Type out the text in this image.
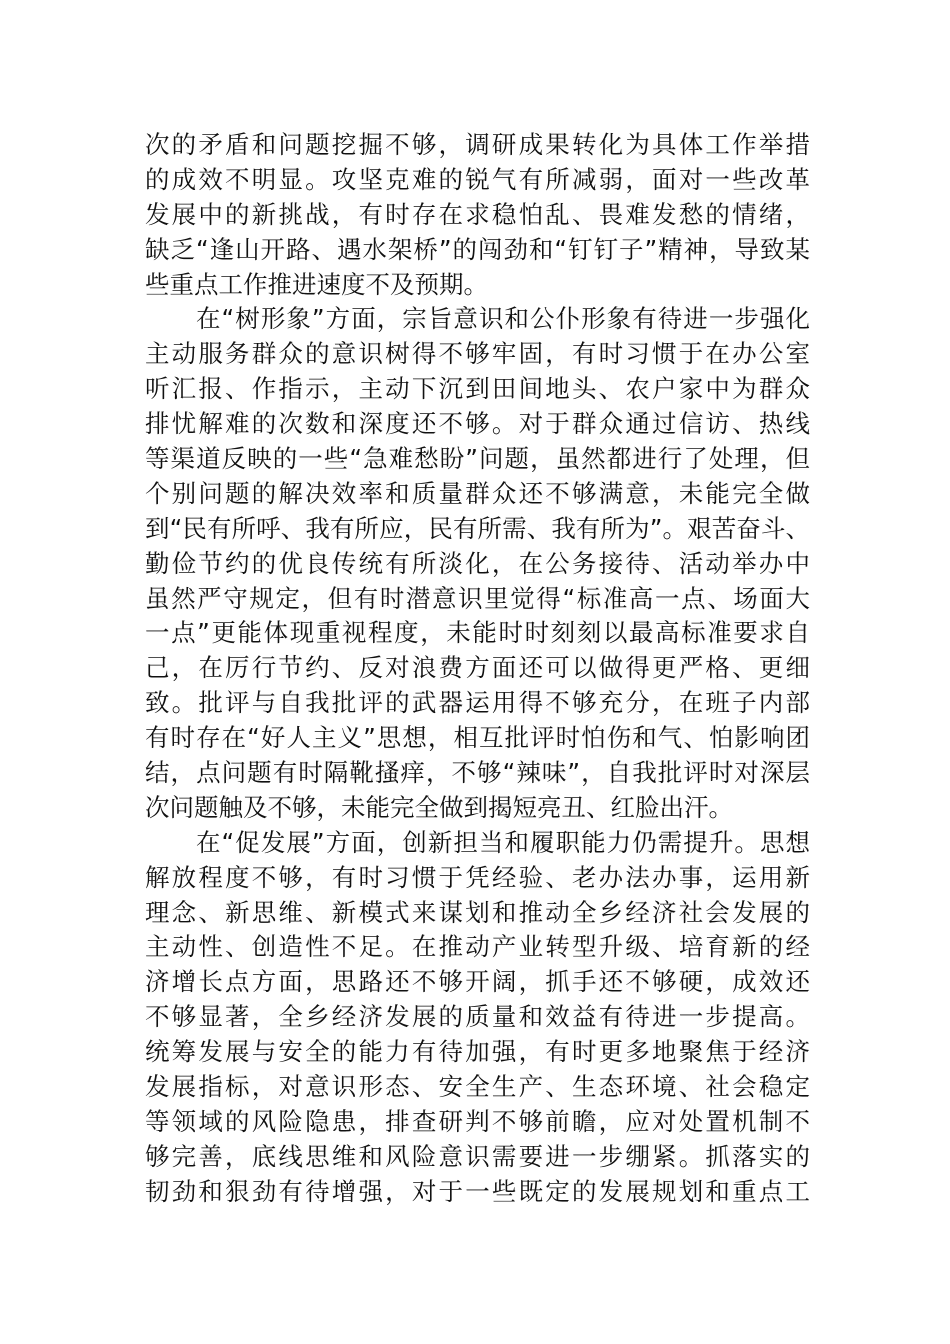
次的矛盾和问题挖掘不够，调研成果转化为具体工作举措
的成效不明显。攻坚克难的锐气有所减弱，面对一些改革
发展中的新挑战，有时存在求稳怕乱、畏难发愁的情绪，
缺乏“逢山开路、遇水架桥”的闯劲和“钉钉子”精神，导致某
些重点工作推进速度不及预期。
在“树形象”方面，宗旨意识和公仆形象有待进一步强化
主动服务群众的意识树得不够牢固，有时习惯于在办公室
听汇报、作指示，主动下沉到田间地头、农户家中为群众
排忧解难的次数和深度还不够。对于群众通过信访、热线
等渠道反映的一些“急难愁盼”问题，虽然都进行了处理，但
个别问题的解决效率和质量群众还不够满意，未能完全做
到“民有所呼、我有所应，民有所需、我有所为”。艰苦奋斗、
勤俭节约的优良传统有所淡化，在公务接待、活动举办中
虽然严守规定，但有时潜意识里觉得“标准高一点、场面大
一点”更能体现重视程度，未能时时刻刻以最高标准要求自
己，在厉行节约、反对浪费方面还可以做得更严格、更细
致。批评与自我批评的武器运用得不够充分，在班子内部
有时存在“好人主义”思想，相互批评时怕伤和气、怕影响团
结，点问题有时隔靴搔痒，不够“辣味”，自我批评时对深层
次问题触及不够，未能完全做到揭短亮丑、红脸出汗。
在“促发展”方面，创新担当和履职能力仍需提升。思想
解放程度不够，有时习惯于凭经验、老办法办事，运用新
理念、新思维、新模式来谋划和推动全乡经济社会发展的
主动性、创造性不足。在推动产业转型升级、培育新的经
济增长点方面，思路还不够开阔，抓手还不够硬，成效还
不够显著，全乡经济发展的质量和效益有待进一步提高。
统筹发展与安全的能力有待加强，有时更多地聚焦于经济
发展指标，对意识形态、安全生产、生态环境、社会稳定
等领域的风险隐患，排查研判不够前瞻，应对处置机制不
够完善，底线思维和风险意识需要进一步绷紧。抓落实的
韧劲和狠劲有待增强，对于一些既定的发展规划和重点工
